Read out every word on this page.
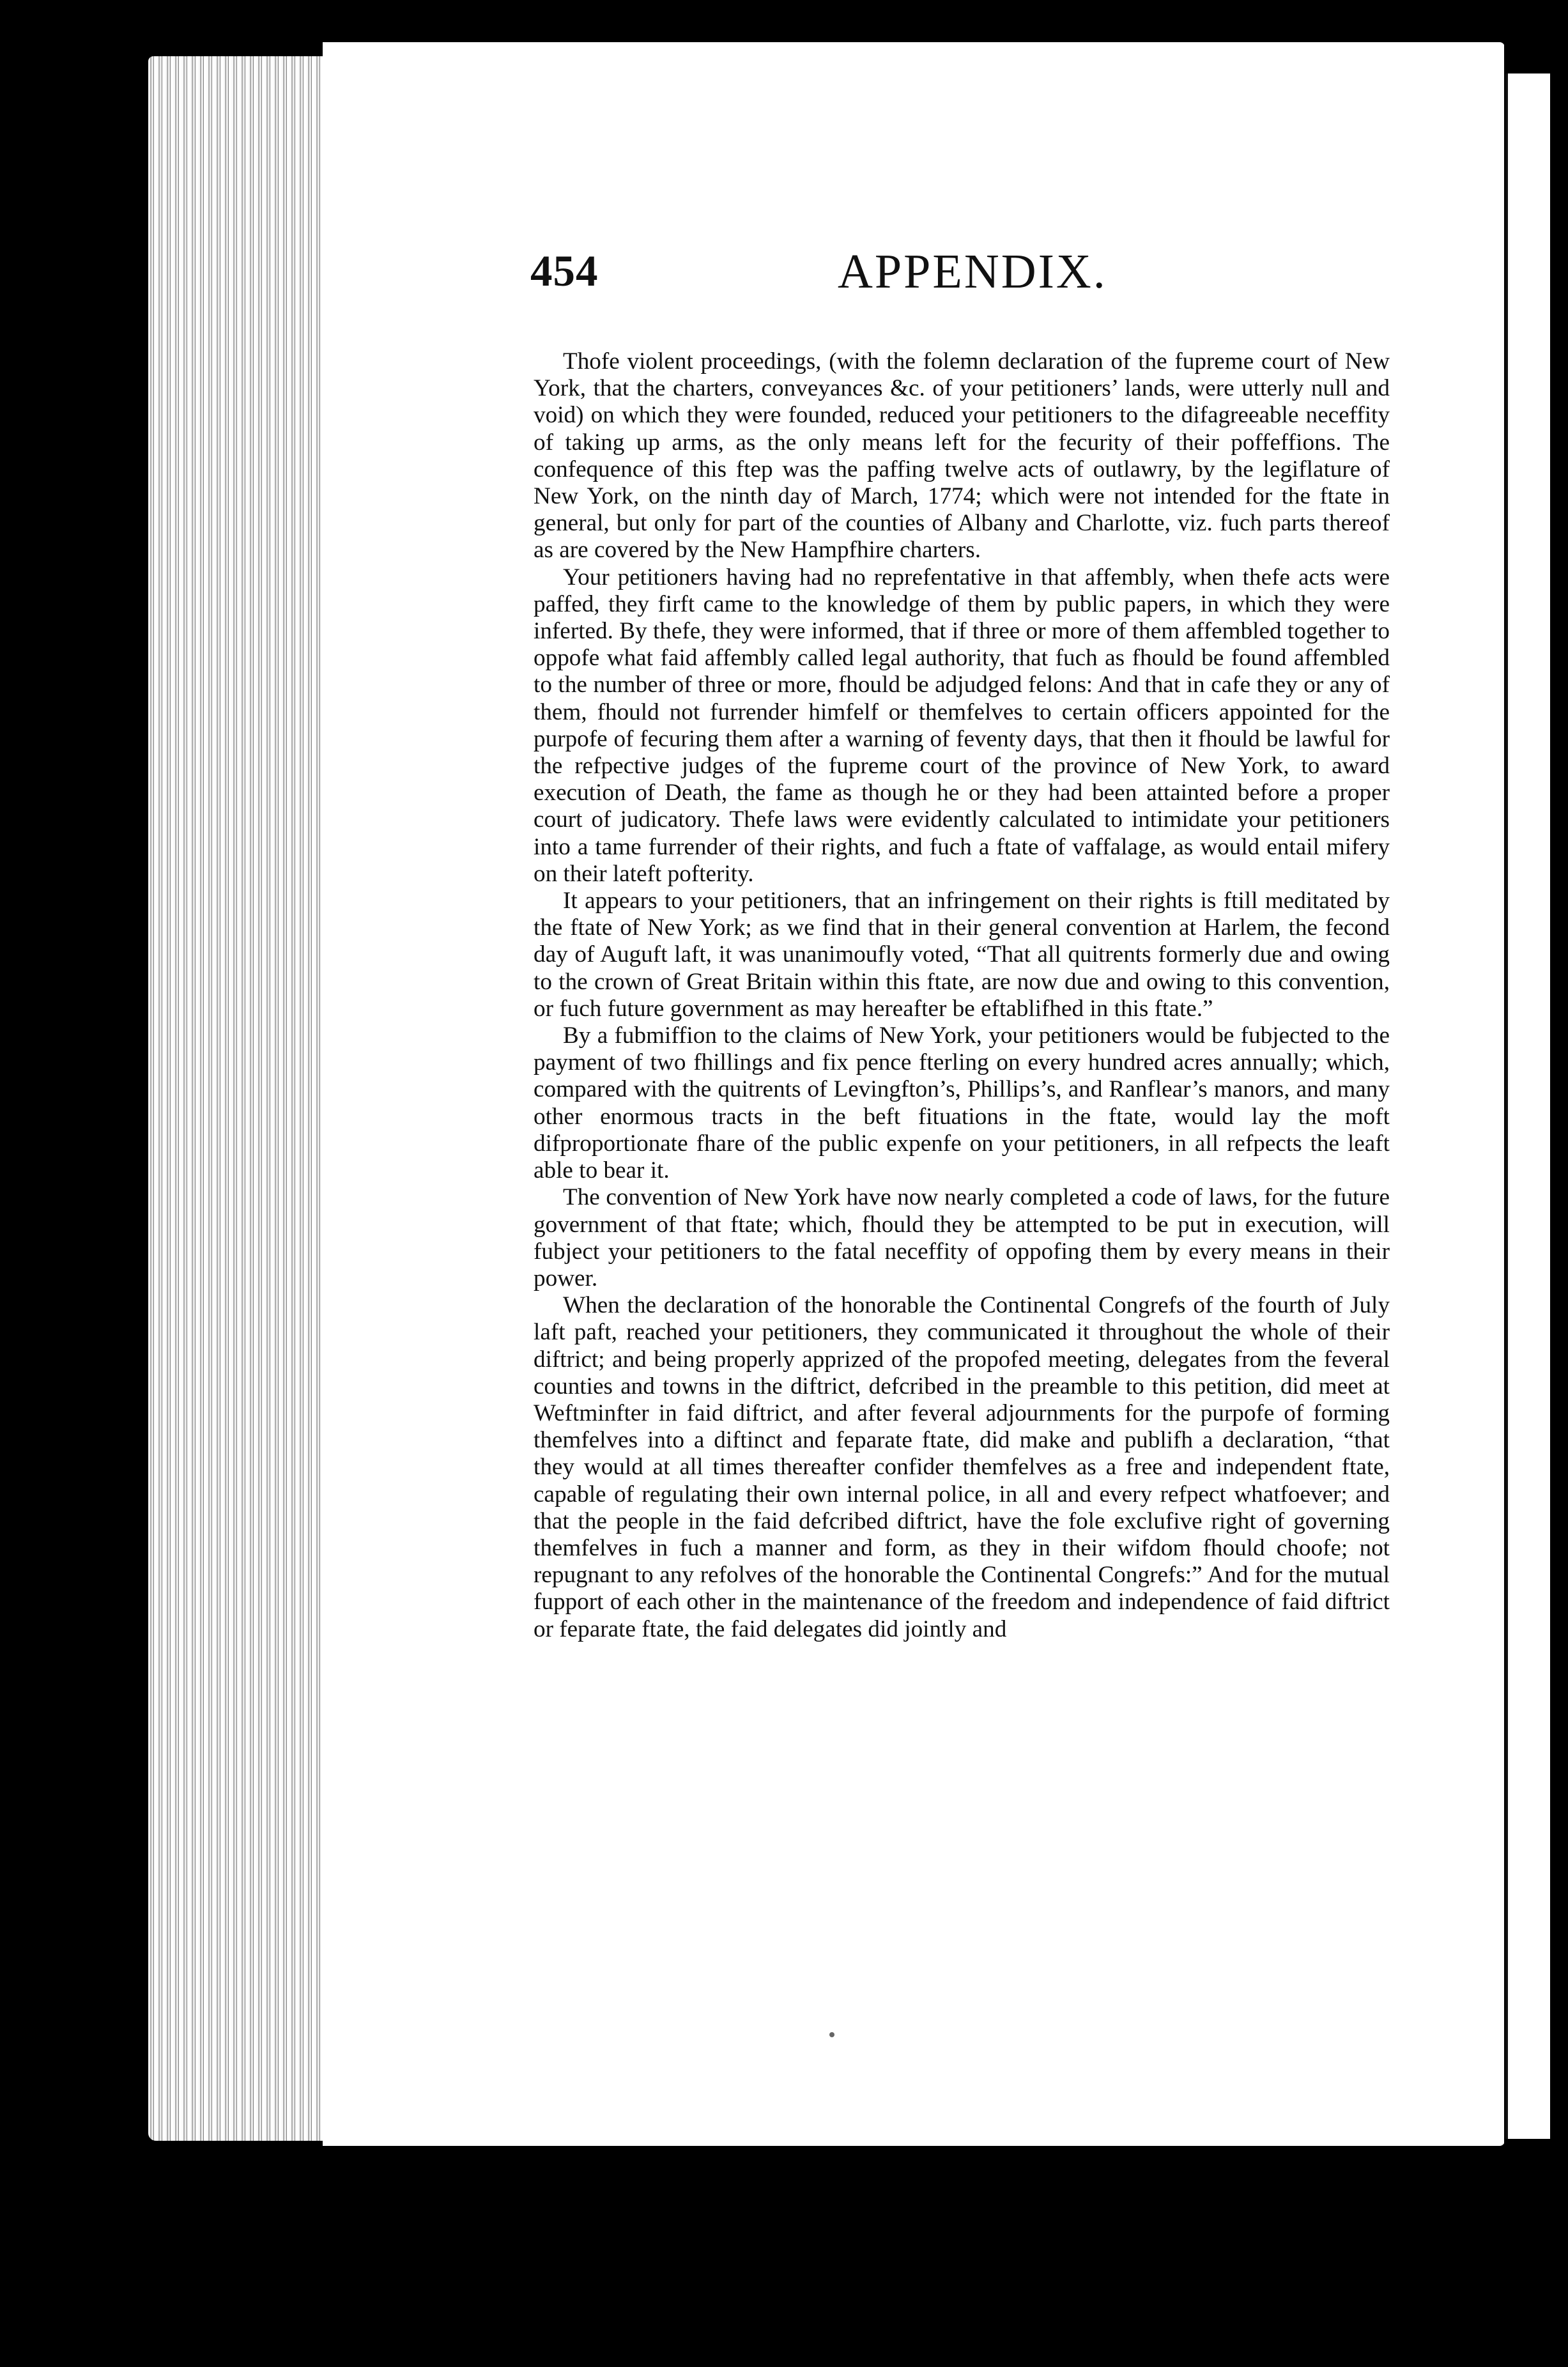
454	APPENDIX.

Thofe violent proceedings, (with the folemn declaration of the fupreme court of New York, that the charters, conveyances &c. of your petitioners’ lands, were utterly null and void) on which they were founded, reduced your petitioners to the difagreeable neceffity of taking up arms, as the only means left for the fecurity of their poffeffions. The confequence of this ftep was the paffing twelve acts of outlawry, by the legiflature of New York, on the ninth day of March, 1774; which were not intended for the ftate in general, but only for part of the counties of Albany and Charlotte, viz. fuch parts thereof as are covered by the New Hampfhire charters.

Your petitioners having had no reprefentative in that affembly, when thefe acts were paffed, they firft came to the knowledge of them by public papers, in which they were inferted. By thefe, they were informed, that if three or more of them affembled together to oppofe what faid affembly called legal authority, that fuch as fhould be found affembled to the number of three or more, fhould be adjudged felons: And that in cafe they or any of them, fhould not furrender himfelf or themfelves to certain officers appointed for the purpofe of fecuring them after a warning of feventy days, that then it fhould be lawful for the refpective judges of the fupreme court of the province of New York, to award execution of Death, the fame as though he or they had been attainted before a proper court of judicatory. Thefe laws were evidently calculated to intimidate your petitioners into a tame furrender of their rights, and fuch a ftate of vaffalage, as would entail mifery on their lateft pofterity.

It appears to your petitioners, that an infringement on their rights is ftill meditated by the ftate of New York; as we find that in their general convention at Harlem, the fecond day of Auguft laft, it was unanimoufly voted, “That all quitrents formerly due and owing to the crown of Great Britain within this ftate, are now due and owing to this convention, or fuch future government as may hereafter be eftablifhed in this ftate.”

By a fubmiffion to the claims of New York, your petitioners would be fubjected to the payment of two fhillings and fix pence fterling on every hundred acres annually; which, compared with the quitrents of Levingfton’s, Phillips’s, and Ranflear’s manors, and many other enormous tracts in the beft fituations in the ftate, would lay the moft difproportionate fhare of the public expenfe on your petitioners, in all refpects the leaft able to bear it.

The convention of New York have now nearly completed a code of laws, for the future government of that ftate; which, fhould they be attempted to be put in execution, will fubject your petitioners to the fatal neceffity of oppofing them by every means in their power.

When the declaration of the honorable the Continental Congrefs of the fourth of July laft paft, reached your petitioners, they communicated it throughout the whole of their diftrict; and being properly apprized of the propofed meeting, delegates from the feveral counties and towns in the diftrict, defcribed in the preamble to this petition, did meet at Weftminfter in faid diftrict, and after feveral adjournments for the purpofe of forming themfelves into a diftinct and feparate ftate, did make and publifh a declaration, “that they would at all times thereafter confider themfelves as a free and independent ftate, capable of regulating their own internal police, in all and every refpect whatfoever; and that the people in the faid defcribed diftrict, have the fole exclufive right of governing themfelves in fuch a manner and form, as they in their wifdom fhould choofe; not repugnant to any refolves of the honorable the Continental Congrefs:” And for the mutual fupport of each other in the maintenance of the freedom and independence of faid diftrict or feparate ftate, the faid delegates did jointly and
